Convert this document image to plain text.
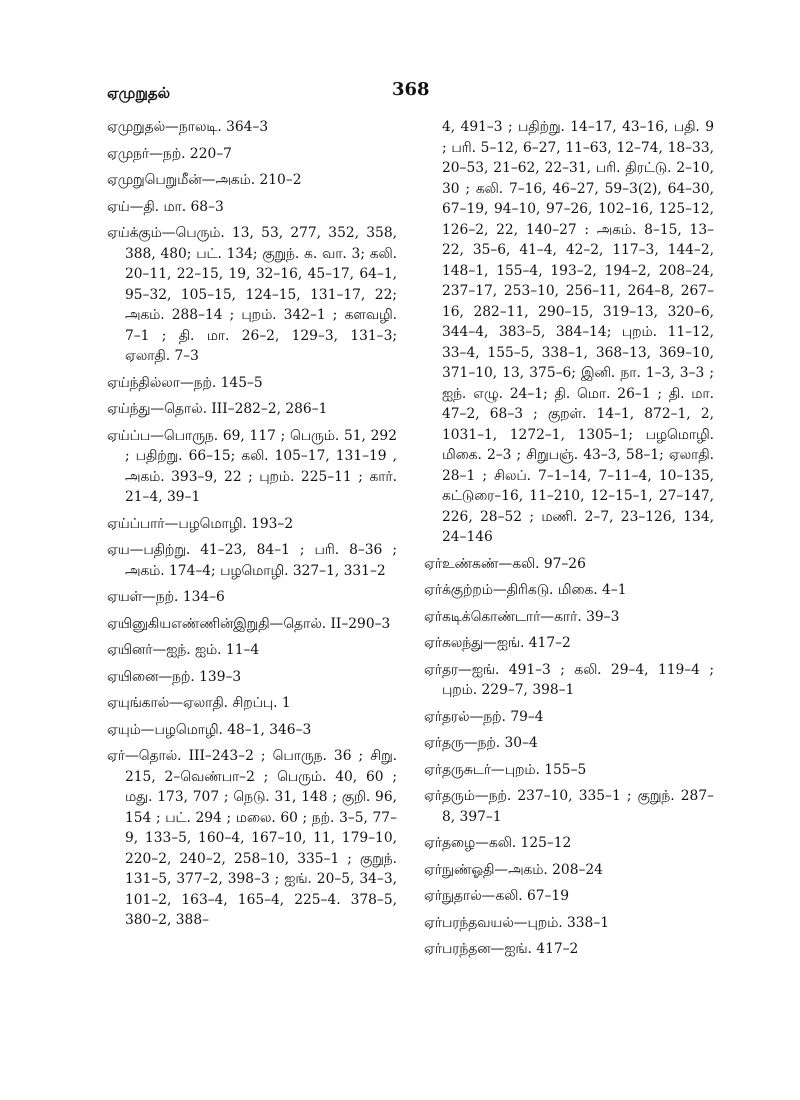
ஏமுறுதல்	368
ஏமுறுதல்—நாலடி. 364–3
ஏமுநர்—நற். 220–7
ஏமுறுபெறுமீன்—அகம். 210–2
ஏய்—தி. மா. 68–3
ஏய்க்கும்—பெரும். 13, 53, 277, 352, 358, 388, 480; பட். 134; குறுந். க. வா. 3; கலி. 20–11, 22–15, 19, 32–16, 45–17, 64–1, 95–32, 105–15, 124–15, 131–17, 22; அகம். 288–14 ; புறம். 342–1 ; களவழி. 7–1 ; தி. மா. 26–2, 129–3, 131–3; ஏலாதி. 7–3
ஏய்ந்தில்லா—நற். 145–5
ஏய்ந்து—தொல். III–282–2, 286–1
ஏய்ப்ப—பொருந. 69, 117 ; பெரும். 51, 292 ; பதிற்று. 66–15; கலி. 105–17, 131–19 , அகம். 393–9, 22 ; புறம். 225–11 ; கார். 21–4, 39–1
ஏய்ப்பார்—பழமொழி. 193–2
ஏய—பதிற்று. 41–23, 84–1 ; பரி. 8–36 ; அகம். 174–4; பழமொழி. 327–1, 331–2
ஏயள்—நற். 134–6
ஏயினுகியஎண்ணின்இறுதி—தொல். II–290–3
ஏயினர்—ஐந். ஐம். 11–4
ஏயினை—நற். 139–3
ஏயுங்கால்—ஏலாதி. சிறப்பு. 1
ஏயும்—பழமொழி. 48–1, 346–3
ஏர்—தொல். III–243–2 ; பொருந. 36 ; சிறு. 215, 2–வெண்பா–2 ; பெரும். 40, 60 ; மது. 173, 707 ; நெடு. 31, 148 ; குறி. 96, 154 ; பட். 294 ; மலை. 60 ; நற். 3–5, 77–9, 133–5, 160–4, 167–10, 11, 179–10, 220–2, 240–2, 258–10, 335–1 ; குறுந். 131–5, 377–2, 398–3 ; ஐங். 20–5, 34–3, 101–2, 163–4, 165–4, 225–4. 378–5, 380–2, 388–
4, 491–3 ; பதிற்று. 14–17, 43–16, பதி. 9 ; பரி. 5–12, 6–27, 11–63, 12–74, 18–33, 20–53, 21–62, 22–31, பரி. திரட்டு. 2–10, 30 ; கலி. 7–16, 46–27, 59–3(2), 64–30, 67–19, 94–10, 97–26, 102–16, 125–12, 126–2, 22, 140–27 : அகம். 8–15, 13–22, 35–6, 41–4, 42–2, 117–3, 144–2, 148–1, 155–4, 193–2, 194–2, 208–24, 237–17, 253–10, 256–11, 264–8, 267–16, 282–11, 290–15, 319–13, 320–6, 344–4, 383–5, 384–14; புறம். 11–12, 33–4, 155–5, 338–1, 368–13, 369–10, 371–10, 13, 375–6; இனி. நா. 1–3, 3–3 ; ஐந். எழு. 24–1; தி. மொ. 26–1 ; தி. மா. 47–2, 68–3 ; குறள். 14–1, 872–1, 2, 1031–1, 1272–1, 1305–1; பழமொழி. மிகை. 2–3 ; சிறுபஞ். 43–3, 58–1; ஏலாதி. 28–1 ; சிலப். 7–1–14, 7–11–4, 10–135, கட்டுரை–16, 11–210, 12–15–1, 27–147, 226, 28–52 ; மணி. 2–7, 23–126, 134, 24–146
ஏர்உண்கண்—கலி. 97–26
ஏர்க்குற்றம்—திரிகடு. மிகை. 4–1
ஏர்கடிக்கொண்டார்—கார். 39–3
ஏர்கலந்து—ஐங். 417–2
ஏர்தர—ஐங். 491–3 ; கலி. 29–4, 119–4 ; புறம். 229–7, 398–1
ஏர்தரல்—நற். 79–4
ஏர்தரு—நற். 30–4
ஏர்தருசுடர்—புறம். 155–5
ஏர்தரும்—நற். 237–10, 335–1 ; குறுந். 287–8, 397–1
ஏர்தழை—கலி. 125–12
ஏர்நுண்ஓதி—அகம். 208–24
ஏர்நுதால்—கலி. 67–19
ஏர்பரந்தவயல்—புறம். 338–1
ஏர்பரந்தன—ஐங். 417–2
